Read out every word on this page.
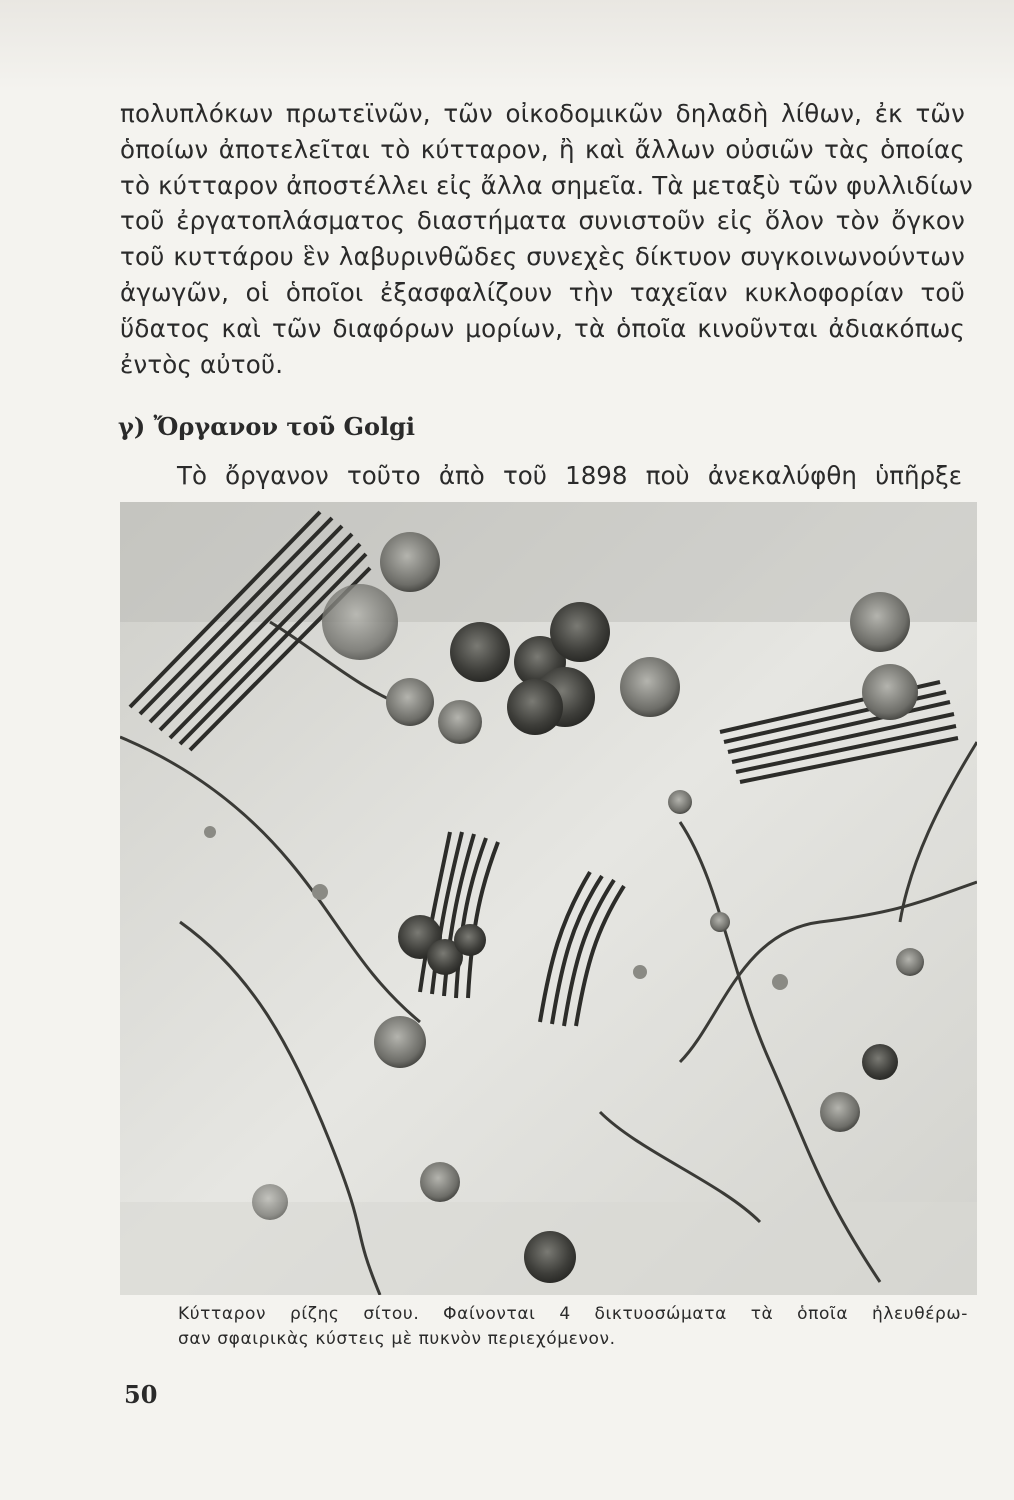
πολυπλόκων πρωτεϊνῶν, τῶν οἰκοδομικῶν δηλαδὴ λίθων, ἐκ τῶν
ὁποίων ἀποτελεῖται τὸ κύτταρον, ἢ καὶ ἄλλων οὐσιῶν τὰς ὁποίας
τὸ κύτταρον ἀποστέλλει εἰς ἄλλα σημεῖα. Τὰ μεταξὺ τῶν φυλλιδίων
τοῦ ἐργατοπλάσματος διαστήματα συνιστοῦν εἰς ὅλον τὸν ὄγκον
τοῦ κυττάρου ἓν λαβυρινθῶδες συνεχὲς δίκτυον συγκοινωνούντων
ἀγωγῶν, οἱ ὁποῖοι ἐξασφαλίζουν τὴν ταχεῖαν κυκλοφορίαν τοῦ
ὕδατος καὶ τῶν διαφόρων μορίων, τὰ ὁποῖα κινοῦνται ἀδιακόπως
ἐντὸς αὐτοῦ.
γ) Ὄργανον τοῦ Golgi
Τὸ ὄργανον τοῦτο ἀπὸ τοῦ 1898 ποὺ ἀνεκαλύφθη ὑπῆρξε
Κύτταρον ρίζης σίτου. Φαίνονται 4 δικτυοσώματα τὰ ὁποῖα ἠλευθέρω-
σαν σφαιρικὰς κύστεις μὲ πυκνὸν περιεχόμενον.
50
